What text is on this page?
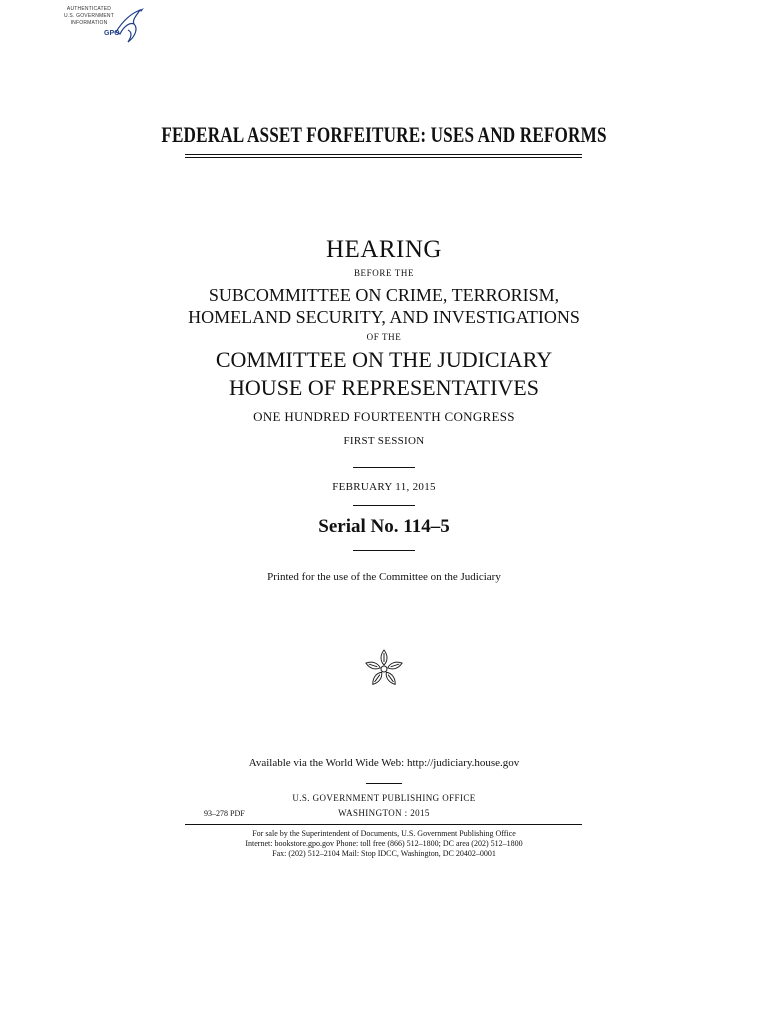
AUTHENTICATED
U.S. GOVERNMENT
INFORMATION
GPO
FEDERAL ASSET FORFEITURE: USES AND REFORMS
HEARING
BEFORE THE
SUBCOMMITTEE ON CRIME, TERRORISM,
HOMELAND SECURITY, AND INVESTIGATIONS
OF THE
COMMITTEE ON THE JUDICIARY
HOUSE OF REPRESENTATIVES
ONE HUNDRED FOURTEENTH CONGRESS
FIRST SESSION
FEBRUARY 11, 2015
Serial No. 114–5
Printed for the use of the Committee on the Judiciary
Available via the World Wide Web: http://judiciary.house.gov
U.S. GOVERNMENT PUBLISHING OFFICE
93–278 PDF	WASHINGTON : 2015
For sale by the Superintendent of Documents, U.S. Government Publishing Office
Internet: bookstore.gpo.gov Phone: toll free (866) 512–1800; DC area (202) 512–1800
Fax: (202) 512–2104 Mail: Stop IDCC, Washington, DC 20402–0001
